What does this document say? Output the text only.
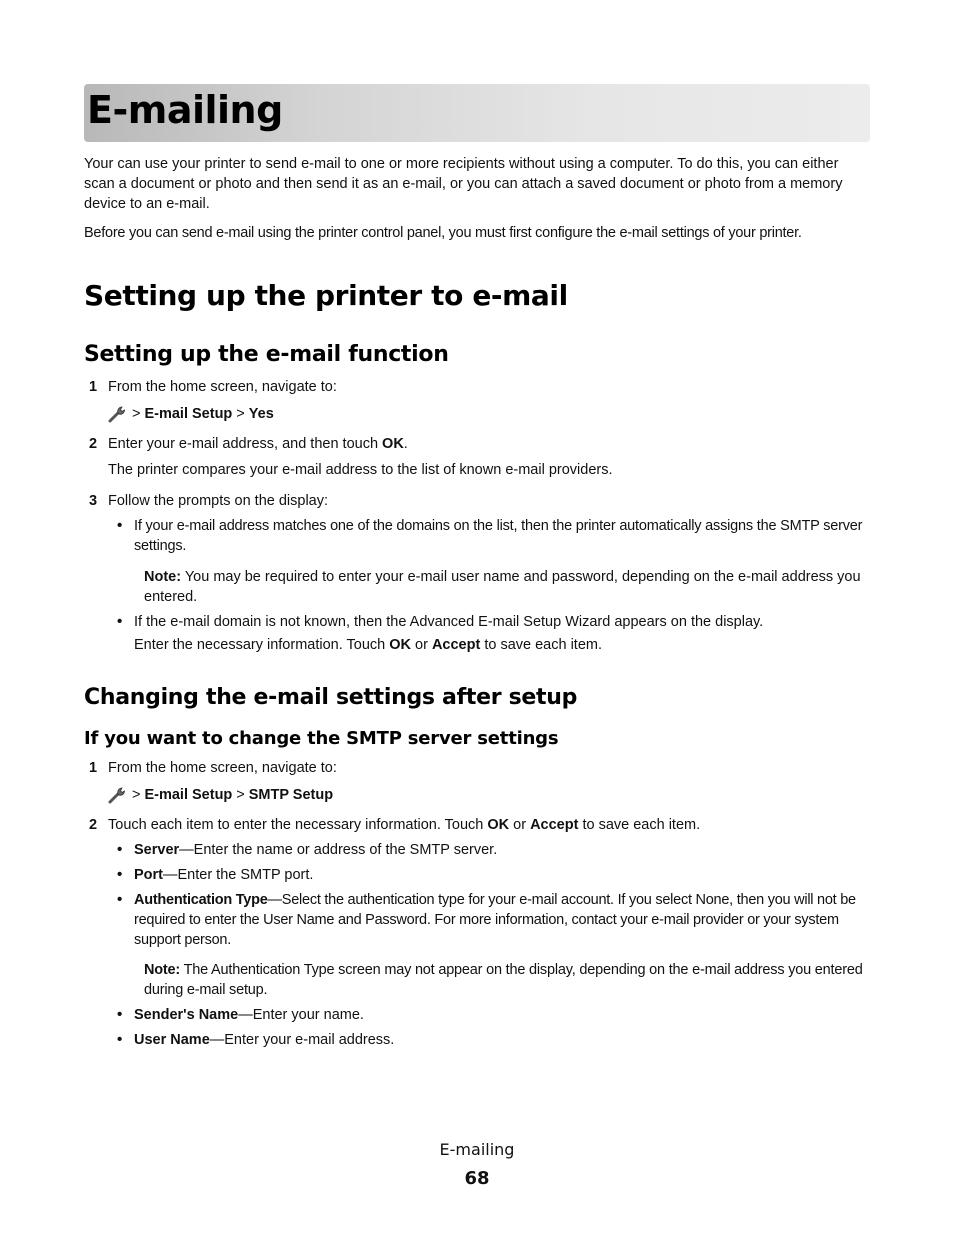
E-mailing

Your can use your printer to send e-mail to one or more recipients without using a computer. To do this, you can either scan a document or photo and then send it as an e-mail, or you can attach a saved document or photo from a memory device to an e-mail.

Before you can send e-mail using the printer control panel, you must first configure the e-mail settings of your printer.

Setting up the printer to e-mail
Setting up the e-mail function
1 From the home screen, navigate to:
> E-mail Setup > Yes
2 Enter your e-mail address, and then touch OK.
The printer compares your e-mail address to the list of known e-mail providers.
3 Follow the prompts on the display:
• If your e-mail address matches one of the domains on the list, then the printer automatically assigns the SMTP server settings.
Note: You may be required to enter your e-mail user name and password, depending on the e-mail address you entered.
• If the e-mail domain is not known, then the Advanced E-mail Setup Wizard appears on the display.
Enter the necessary information. Touch OK or Accept to save each item.
Changing the e-mail settings after setup
If you want to change the SMTP server settings
1 From the home screen, navigate to:
> E-mail Setup > SMTP Setup
2 Touch each item to enter the necessary information. Touch OK or Accept to save each item.
• Server—Enter the name or address of the SMTP server.
• Port—Enter the SMTP port.
• Authentication Type—Select the authentication type for your e-mail account. If you select None, then you will not be required to enter the User Name and Password. For more information, contact your e-mail provider or your system support person.
Note: The Authentication Type screen may not appear on the display, depending on the e-mail address you entered during e-mail setup.
• Sender's Name—Enter your name.
• User Name—Enter your e-mail address.
E-mailing
68
